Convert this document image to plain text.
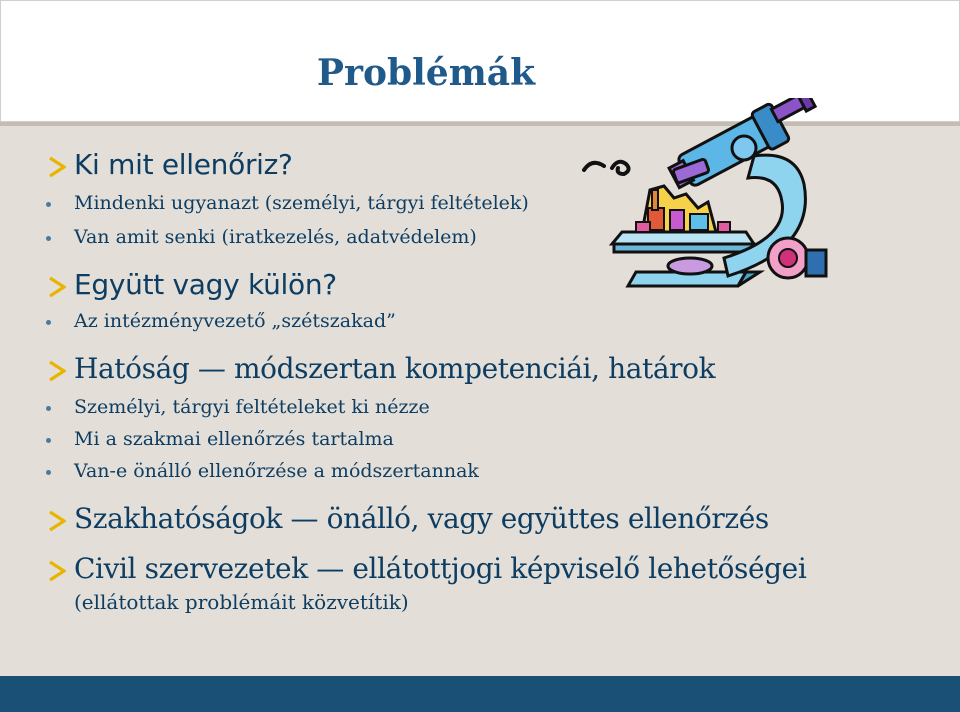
Problémák
Ki mit ellenőriz?
Mindenki ugyanazt (személyi, tárgyi feltételek)
Van amit senki (iratkezelés, adatvédelem)
Együtt vagy külön?
Az intézményvezető „szétszakad”
Hatóság — módszertan kompetenciái, határok
Személyi, tárgyi feltételeket ki nézze
Mi a szakmai ellenőrzés tartalma
Van-e önálló ellenőrzése a módszertannak
Szakhatóságok — önálló, vagy együttes ellenőrzés
Civil szervezetek — ellátottjogi képviselő lehetőségei
(ellátottak problémáit közvetítik)
